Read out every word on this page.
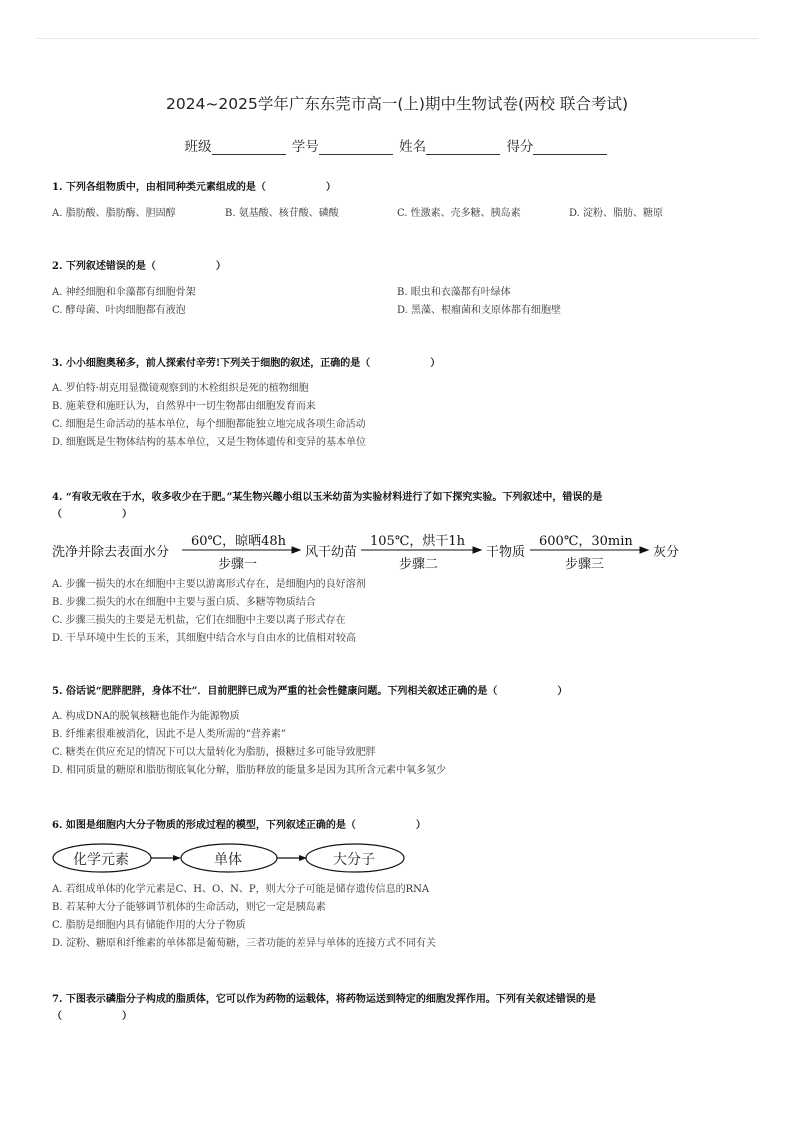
2024~2025学年广东东莞市高一(上)期中生物试卷(两校 联合考试)
班级	学号	姓名	得分
1. 下列各组物质中，由相同种类元素组成的是（　　　　　　）
A. 脂肪酸、脂肪酶、胆固醇	B. 氨基酸、核苷酸、磷酸	C. 性激素、壳多糖、胰岛素	D. 淀粉、脂肪、糖原
2. 下列叙述错误的是（　　　　　　）
A. 神经细胞和伞藻都有细胞骨架	B. 眼虫和衣藻都有叶绿体
C. 酵母菌、叶肉细胞都有液泡	D. 黑藻、根瘤菌和支原体都有细胞壁
3. 小小细胞奥秘多，前人探索付辛劳!下列关于细胞的叙述，正确的是（　　　　　　）
A. 罗伯特·胡克用显微镜观察到的木栓组织是死的植物细胞
B. 施莱登和施旺认为，自然界中一切生物都由细胞发育而来
C. 细胞是生命活动的基本单位，每个细胞都能独立地完成各项生命活动
D. 细胞既是生物体结构的基本单位，又是生物体遗传和变异的基本单位
4. “有收无收在于水，收多收少在于肥。”某生物兴趣小组以玉米幼苗为实验材料进行了如下探究实验。下列叙述中，错误的是
（　　　　　　）
洗净并除去表面水分
60℃，晾晒48h
步骤一
风干幼苗
105℃，烘干1h
步骤二
干物质
600℃，30min
步骤三
灰分
A. 步骤一损失的水在细胞中主要以游离形式存在，是细胞内的良好溶剂
B. 步骤二损失的水在细胞中主要与蛋白质、多糖等物质结合
C. 步骤三损失的主要是无机盐，它们在细胞中主要以离子形式存在
D. 干旱环境中生长的玉米，其细胞中结合水与自由水的比值相对较高
5. 俗话说“肥胖肥胖，身体不壮”．目前肥胖已成为严重的社会性健康问题。下列相关叙述正确的是（　　　　　　）
A. 构成DNA的脱氧核糖也能作为能源物质
B. 纤维素很难被消化，因此不是人类所需的“营养素”
C. 糖类在供应充足的情况下可以大量转化为脂肪，摄糖过多可能导致肥胖
D. 相同质量的糖原和脂肪彻底氧化分解，脂肪释放的能量多是因为其所含元素中氧多氢少
6. 如图是细胞内大分子物质的形成过程的模型，下列叙述正确的是（　　　　　　）
化学元素	单体	大分子
A. 若组成单体的化学元素是C、H、O、N、P，则大分子可能是储存遗传信息的RNA
B. 若某种大分子能够调节机体的生命活动，则它一定是胰岛素
C. 脂肪是细胞内具有储能作用的大分子物质
D. 淀粉、糖原和纤维素的单体都是葡萄糖，三者功能的差异与单体的连接方式不同有关
7. 下图表示磷脂分子构成的脂质体，它可以作为药物的运载体，将药物运送到特定的细胞发挥作用。下列有关叙述错误的是
（　　　　　　）
